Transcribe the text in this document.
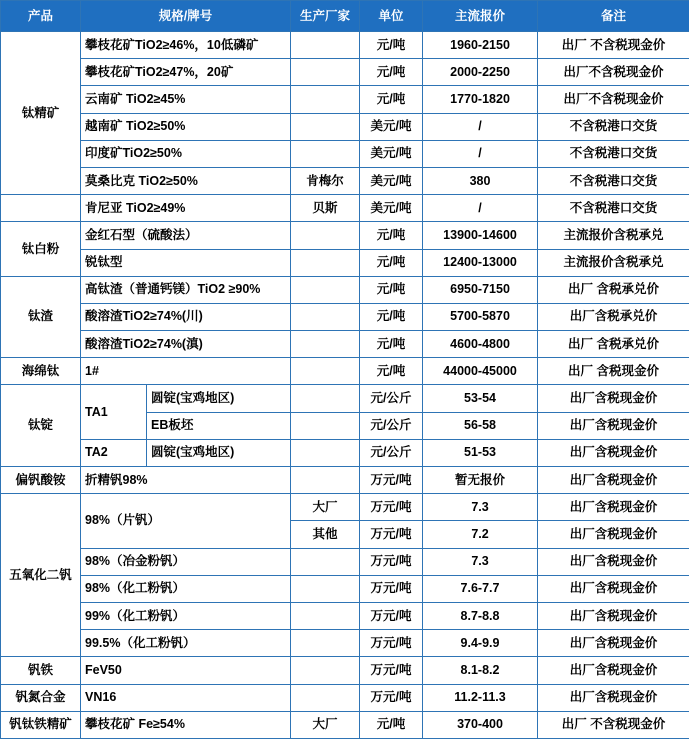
产品	规格/牌号		生产厂家	单位	主流报价	备注
钛精矿	攀枝花矿TiO2≥46%，10低磷矿			元/吨	1960-2150	出厂 不含税现金价
	攀枝花矿TiO2≥47%，20矿			元/吨	2000-2250	出厂不含税现金价
	云南矿 TiO2≥45%			元/吨	1770-1820	出厂不含税现金价
	越南矿 TiO2≥50%			美元/吨	/	不含税港口交货
	印度矿TiO2≥50%			美元/吨	/	不含税港口交货
	莫桑比克 TiO2≥50%		肯梅尔	美元/吨	380	不含税港口交货
	肯尼亚 TiO2≥49%		贝斯	美元/吨	/	不含税港口交货
钛白粉	金红石型（硫酸法）			元/吨	13900-14600	主流报价含税承兑
	锐钛型			元/吨	12400-13000	主流报价含税承兑
钛渣	高钛渣（普通钙镁）TiO2 ≥90%			元/吨	6950-7150	出厂 含税承兑价
	酸溶渣TiO2≥74%(川)			元/吨	5700-5870	出厂含税承兑价
	酸溶渣TiO2≥74%(滇)			元/吨	4600-4800	出厂 含税承兑价
海绵钛	1#			元/吨	44000-45000	出厂 含税现金价
钛锭	TA1	圆锭(宝鸡地区)		元/公斤	53-54	出厂含税现金价
		EB板坯		元/公斤	56-58	出厂含税现金价
	TA2	圆锭(宝鸡地区)		元/公斤	51-53	出厂含税现金价
偏钒酸铵	折精钒98%			万元/吨	暂无报价	出厂含税现金价
五氧化二钒	98%（片钒）		大厂	万元/吨	7.3	出厂含税现金价
			其他	万元/吨	7.2	出厂含税现金价
	98%（冶金粉钒）			万元/吨	7.3	出厂含税现金价
	98%（化工粉钒）			万元/吨	7.6-7.7	出厂含税现金价
	99%（化工粉钒）			万元/吨	8.7-8.8	出厂含税现金价
	99.5%（化工粉钒）			万元/吨	9.4-9.9	出厂含税现金价
钒铁	FeV50			万元/吨	8.1-8.2	出厂含税现金价
钒氮合金	VN16			万元/吨	11.2-11.3	出厂含税现金价
钒钛铁精矿	攀枝花矿 Fe≥54%		大厂	元/吨	370-400	出厂 不含税现金价
